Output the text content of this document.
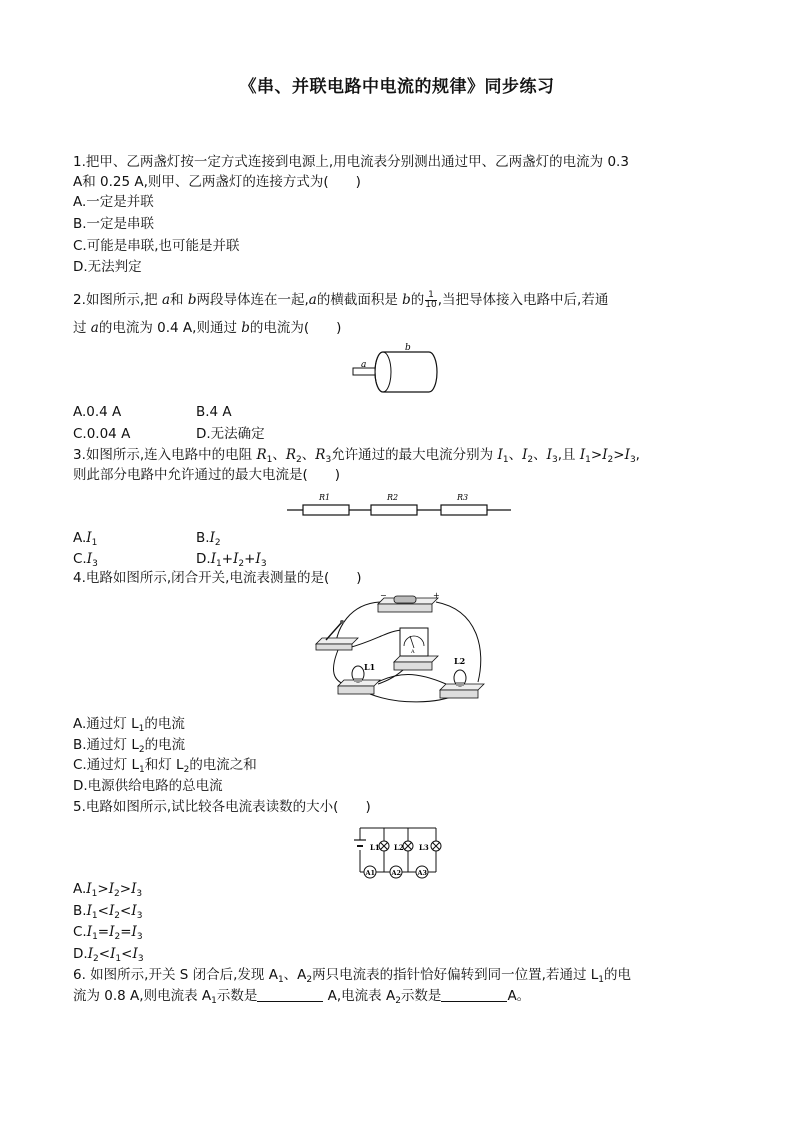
《串、并联电路中电流的规律》同步练习
1.把甲、乙两盏灯按一定方式连接到电源上,用电流表分别测出通过甲、乙两盏灯的电流为 0.3
A和 0.25 A,则甲、乙两盏灯的连接方式为(　　)
A.一定是并联
B.一定是串联
C.可能是串联,也可能是并联
D.无法判定
2.如图所示,把 a和 b两段导体连在一起,a的横截面积是 b的 $\frac{1}{10}$ ,当把导体接入电路中后,若通
过 a的电流为 0.4 A,则通过 b的电流为(　　)
a
b
A.0.4 A	B.4 A
C.0.04 A	D.无法确定
3.如图所示,连入电路中的电阻 $R_1$、$R_2$、$R_3$允许通过的最大电流分别为 $I_1$、$I_2$、$I_3$,且 $I_1>I_2>I_3$,
则此部分电路中允许通过的最大电流是(　　)
R1	R2	R3
$A.I_1$	$B.I_2$
$C.I_3$	$D.I_1+I_2+I_3$
4.电路如图所示,闭合开关,电流表测量的是(　　)
−	+
A
L1
L2
A.通过灯 $L_1$的电流
B.通过灯 $L_2$的电流
C.通过灯 $L_1$和灯 $L_2$的电流之和
D.电源供给电路的总电流
5.电路如图所示,试比较各电流表读数的大小(　　)
L1 L2 L3
A1	A2	A3
$A.I_1>I_2>I_3$
$B.I_1<I_2<I_3$
$C.I_1=I_2=I_3$
$D.I_2<I_1<I_3$
6. 如图所示,开关 S 闭合后,发现 $A_1$、$A_2$两只电流表的指针恰好偏转到同一位置,若通过 $L_1$的电
流为 0.8 A,则电流表 $A_1$示数是	A,电流表 $A_2$示数是	A。
